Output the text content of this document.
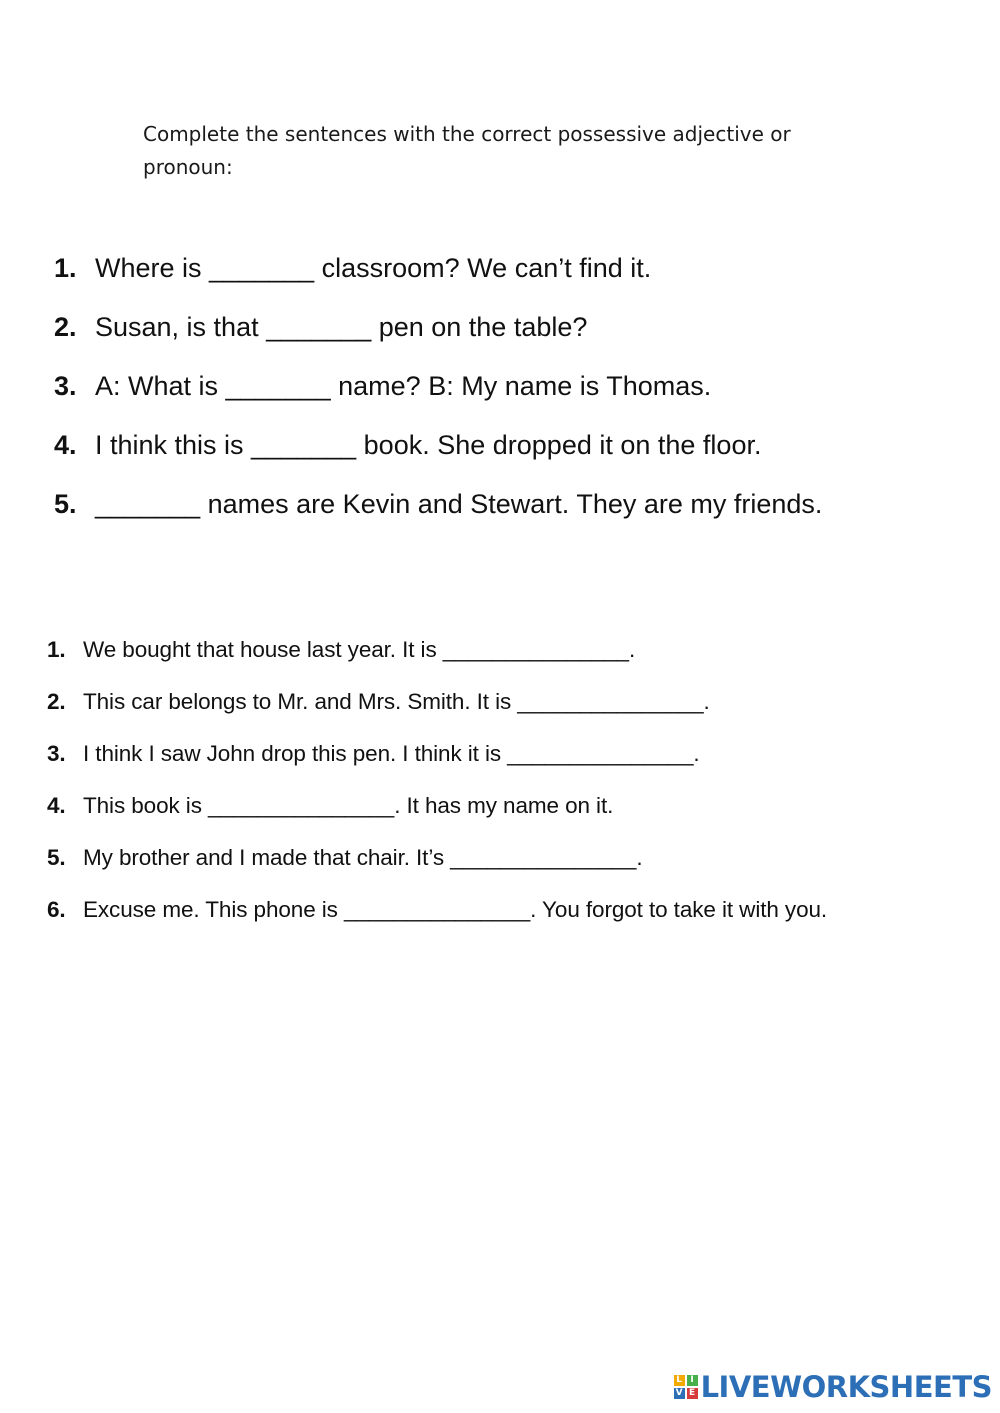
Complete the sentences with the correct possessive adjective or pronoun:
1. Where is _______ classroom? We can’t find it.
2. Susan, is that _______ pen on the table?
3. A: What is _______ name? B: My name is Thomas.
4. I think this is _______ book. She dropped it on the floor.
5. _______ names are Kevin and Stewart. They are my friends.
1. We bought that house last year. It is _______________.
2. This car belongs to Mr. and Mrs. Smith. It is _______________.
3. I think I saw John drop this pen. I think it is _______________.
4. This book is _______________. It has my name on it.
5. My brother and I made that chair. It’s _______________.
6. Excuse me. This phone is _______________. You forgot to take it with you.
L I
V E LIVEWORKSHEETS
